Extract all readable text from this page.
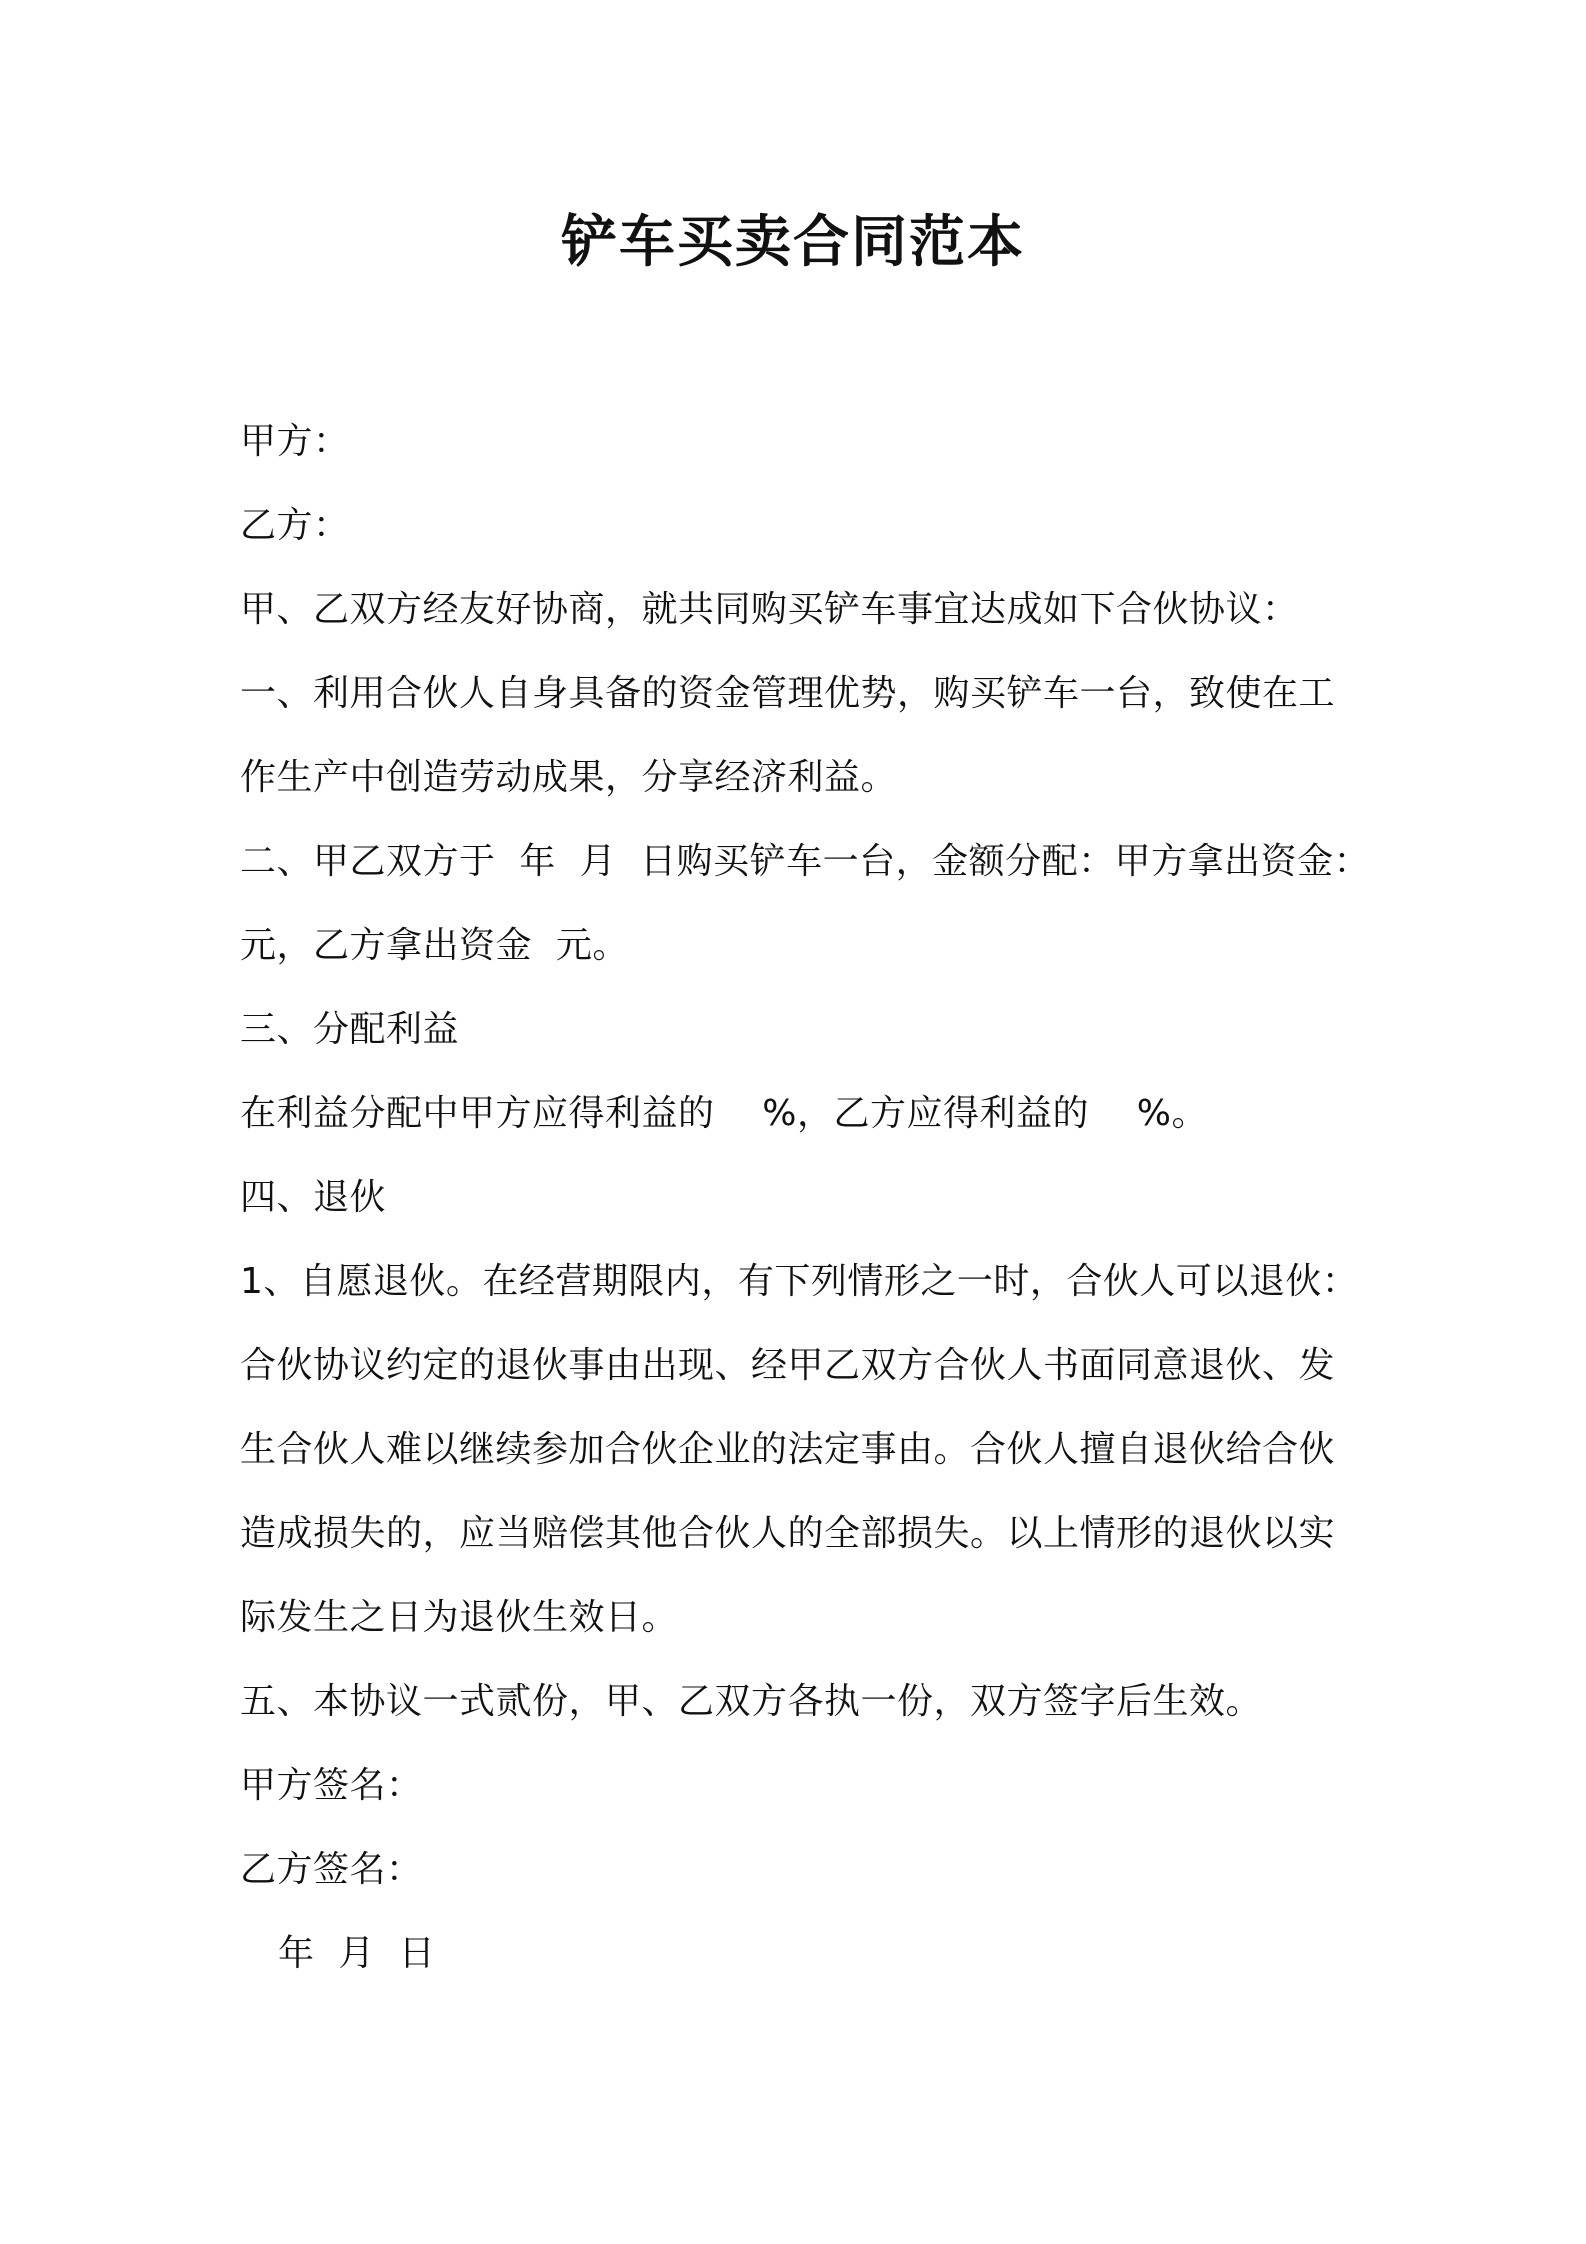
铲车买卖合同范本
甲方：
乙方：
甲、乙双方经友好协商，就共同购买铲车事宜达成如下合伙协议：
一、利用合伙人自身具备的资金管理优势，购买铲车一台，致使在工
作生产中创造劳动成果，分享经济利益。
二、甲乙双方于  年  月  日购买铲车一台，金额分配：甲方拿出资金：
元，乙方拿出资金  元。
三、分配利益
在利益分配中甲方应得利益的    %，乙方应得利益的    %。
四、退伙
1、自愿退伙。在经营期限内，有下列情形之一时，合伙人可以退伙：
合伙协议约定的退伙事由出现、经甲乙双方合伙人书面同意退伙、发
生合伙人难以继续参加合伙企业的法定事由。合伙人擅自退伙给合伙
造成损失的，应当赔偿其他合伙人的全部损失。以上情形的退伙以实
际发生之日为退伙生效日。
五、本协议一式贰份，甲、乙双方各执一份，双方签字后生效。
甲方签名：
乙方签名：
年  月  日
